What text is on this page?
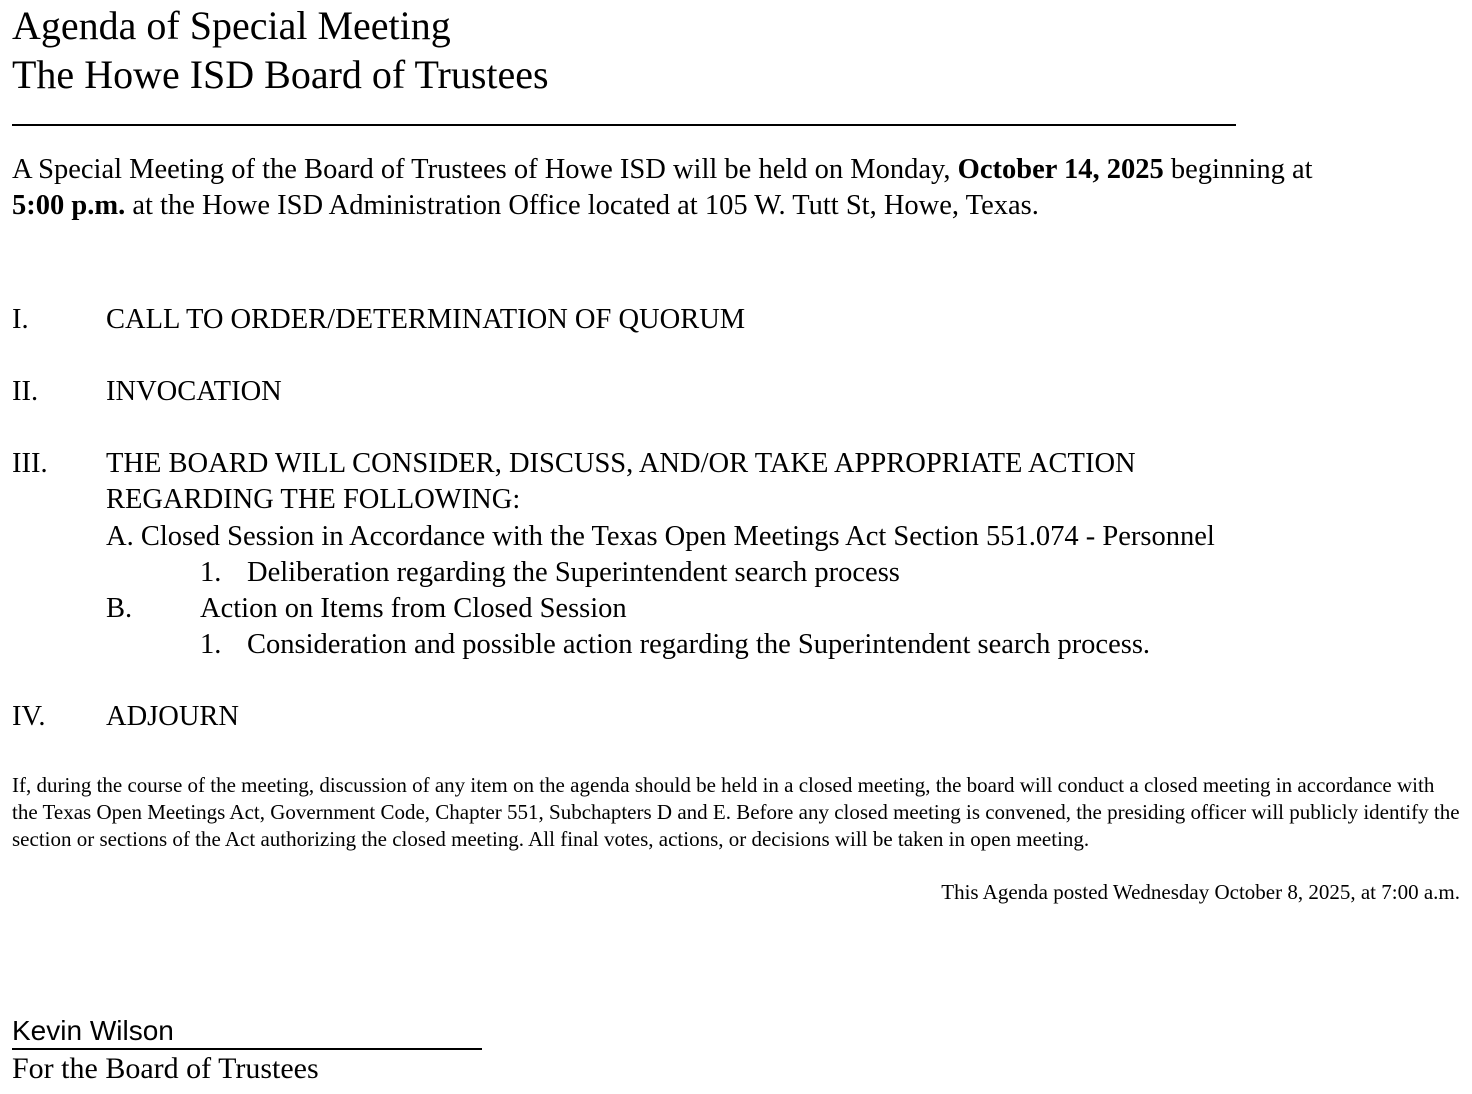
Agenda of Special Meeting
The Howe ISD Board of Trustees
A Special Meeting of the Board of Trustees of Howe ISD will be held on Monday, October 14, 2025 beginning at
5:00 p.m. at the Howe ISD Administration Office located at 105 W. Tutt St, Howe, Texas.
I.	CALL TO ORDER/DETERMINATION OF QUORUM
II. INVOCATION
III. THE BOARD WILL CONSIDER, DISCUSS, AND/OR TAKE APPROPRIATE ACTION
REGARDING THE FOLLOWING:
A. Closed Session in Accordance with the Texas Open Meetings Act Section 551.074 - Personnel
1. Deliberation regarding the Superintendent search process
B. Action on Items from Closed Session
1. Consideration and possible action regarding the Superintendent search process.
IV. ADJOURN
If, during the course of the meeting, discussion of any item on the agenda should be held in a closed meeting, the board will conduct a closed meeting in accordance with the Texas Open Meetings Act, Government Code, Chapter 551, Subchapters D and E. Before any closed meeting is convened, the presiding officer will publicly identify the section or sections of the Act authorizing the closed meeting. All final votes, actions, or decisions will be taken in open meeting.
This Agenda posted Wednesday October 8, 2025, at 7:00 a.m.
Kevin Wilson
For the Board of Trustees
